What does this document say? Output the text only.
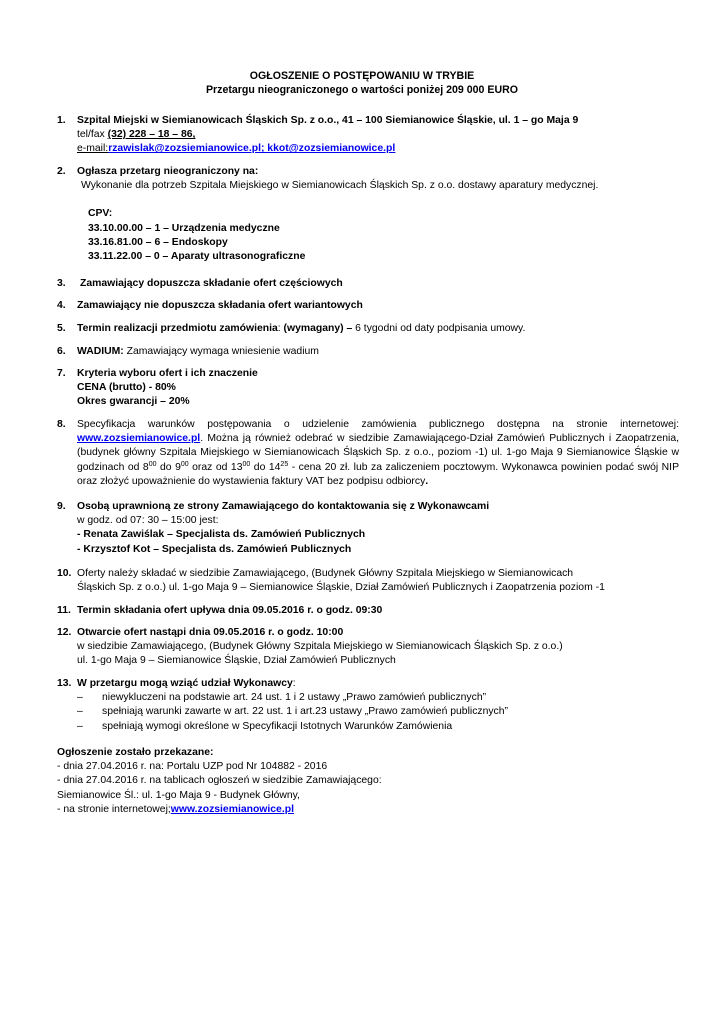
OGŁOSZENIE O POSTĘPOWANIU W TRYBIE
Przetargu nieograniczonego o wartości poniżej 209 000 EURO
1. Szpital Miejski w Siemianowicach Śląskich Sp. z o.o., 41 – 100 Siemianowice Śląskie, ul. 1 – go Maja 9
tel/fax (32) 228 – 18 – 86,
e-mail:rzawislak@zozsiemianowice.pl; kkot@zozsiemianowice.pl
2. Ogłasza przetarg nieograniczony na:
Wykonanie dla potrzeb Szpitala Miejskiego w Siemianowicach Śląskich Sp. z o.o. dostawy aparatury medycznej.
CPV:
33.10.00.00 – 1 – Urządzenia medyczne
33.16.81.00 – 6 – Endoskopy
33.11.22.00 – 0 – Aparaty ultrasonograficzne
3. Zamawiający dopuszcza składanie ofert częściowych
4. Zamawiający nie dopuszcza składania ofert wariantowych
5. Termin realizacji przedmiotu zamówienia: (wymagany) – 6 tygodni od daty podpisania umowy.
6. WADIUM: Zamawiający wymaga wniesienie wadium
7. Kryteria wyboru ofert i ich znaczenie
CENA (brutto) - 80%
Okres gwarancji – 20%
8. Specyfikacja warunków postępowania o udzielenie zamówienia publicznego dostępna na stronie internetowej: www.zozsiemianowice.pl. Można ją również odebrać w siedzibie Zamawiającego-Dział Zamówień Publicznych i Zaopatrzenia, (budynek główny Szpitala Miejskiego w Siemianowicach Śląskich Sp. z o.o., poziom -1) ul. 1-go Maja 9 Siemianowice Śląskie w godzinach od $8^{00}$ do $9^{00}$ oraz od $13^{00}$ do $14^{25}$ - cena 20 zł. lub za zaliczeniem pocztowym. Wykonawca powinien podać swój NIP oraz złożyć upoważnienie do wystawienia faktury VAT bez podpisu odbiorcy.
9. Osobą uprawnioną ze strony Zamawiającego do kontaktowania się z Wykonawcami
w godz. od 07: 30 – 15:00 jest:
- Renata Zawiślak – Specjalista ds. Zamówień Publicznych
- Krzysztof Kot – Specjalista ds. Zamówień Publicznych
10. Oferty należy składać w siedzibie Zamawiającego, (Budynek Główny Szpitala Miejskiego w Siemianowicach
Śląskich Sp. z o.o.) ul. 1-go Maja 9 – Siemianowice Śląskie, Dział Zamówień Publicznych i Zaopatrzenia poziom -1
11. Termin składania ofert upływa dnia 09.05.2016 r. o godz. 09:30
12. Otwarcie ofert nastąpi dnia 09.05.2016 r. o godz. 10:00
w siedzibie Zamawiającego, (Budynek Główny Szpitala Miejskiego w Siemianowicach Śląskich Sp. z o.o.)
ul. 1-go Maja 9 – Siemianowice Śląskie, Dział Zamówień Publicznych
13. W przetargu mogą wziąć udział Wykonawcy:
– niewykluczeni na podstawie art. 24 ust. 1 i 2 ustawy „Prawo zamówień publicznych”
– spełniają warunki zawarte w art. 22 ust. 1 i art.23 ustawy „Prawo zamówień publicznych”
– spełniają wymogi określone w Specyfikacji Istotnych Warunków Zamówienia
Ogłoszenie zostało przekazane:
- dnia 27.04.2016 r. na: Portalu UZP pod Nr 104882 - 2016
- dnia 27.04.2016 r. na tablicach ogłoszeń w siedzibie Zamawiającego:
Siemianowice Śl.: ul. 1-go Maja 9 - Budynek Główny,
- na stronie internetowej;www.zozsiemianowice.pl
